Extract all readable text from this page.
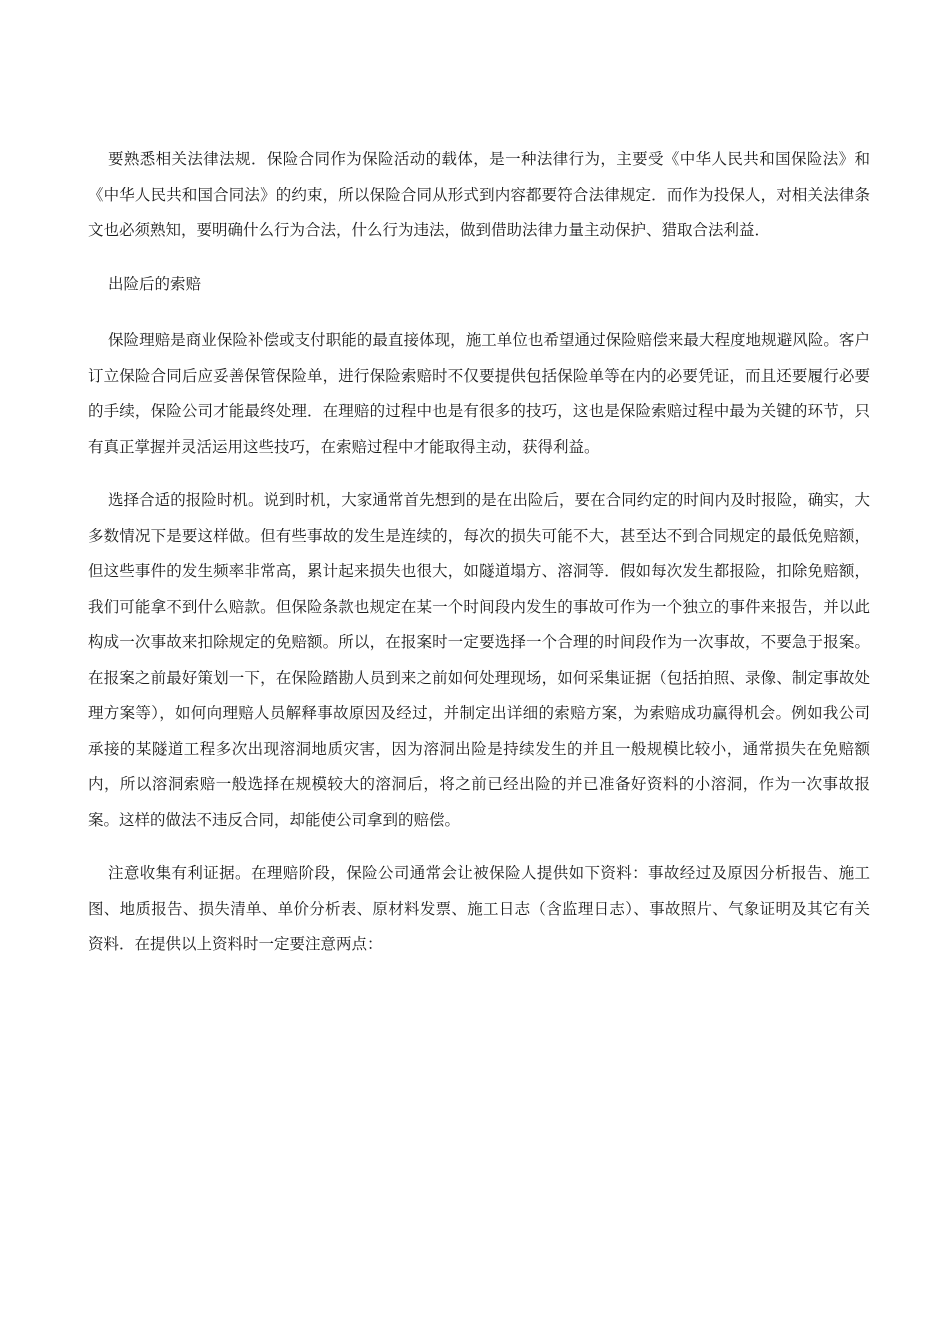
要熟悉相关法律法规．保险合同作为保险活动的载体，是一种法律行为，主要受《中华人民共和国保险法》和《中华人民共和国合同法》的约束，所以保险合同从形式到内容都要符合法律规定．而作为投保人，对相关法律条文也必须熟知，要明确什么行为合法，什么行为违法，做到借助法律力量主动保护、猎取合法利益．

出险后的索赔

保险理赔是商业保险补偿或支付职能的最直接体现，施工单位也希望通过保险赔偿来最大程度地规避风险。客户订立保险合同后应妥善保管保险单，进行保险索赔时不仅要提供包括保险单等在内的必要凭证，而且还要履行必要的手续，保险公司才能最终处理．在理赔的过程中也是有很多的技巧，这也是保险索赔过程中最为关键的环节，只有真正掌握并灵活运用这些技巧，在索赔过程中才能取得主动，获得利益。

选择合适的报险时机。说到时机，大家通常首先想到的是在出险后，要在合同约定的时间内及时报险，确实，大多数情况下是要这样做。但有些事故的发生是连续的，每次的损失可能不大，甚至达不到合同规定的最低免赔额，但这些事件的发生频率非常高，累计起来损失也很大，如隧道塌方、溶洞等．假如每次发生都报险，扣除免赔额，我们可能拿不到什么赔款。但保险条款也规定在某一个时间段内发生的事故可作为一个独立的事件来报告，并以此构成一次事故来扣除规定的免赔额。所以，在报案时一定要选择一个合理的时间段作为一次事故，不要急于报案。在报案之前最好策划一下，在保险踏勘人员到来之前如何处理现场，如何采集证据（包括拍照、录像、制定事故处理方案等），如何向理赔人员解释事故原因及经过，并制定出详细的索赔方案，为索赔成功赢得机会。例如我公司承接的某隧道工程多次出现溶洞地质灾害，因为溶洞出险是持续发生的并且一般规模比较小，通常损失在免赔额内，所以溶洞索赔一般选择在规模较大的溶洞后，将之前已经出险的并已准备好资料的小溶洞，作为一次事故报案。这样的做法不违反合同，却能使公司拿到的赔偿。

注意收集有利证据。在理赔阶段，保险公司通常会让被保险人提供如下资料：事故经过及原因分析报告、施工图、地质报告、损失清单、单价分析表、原材料发票、施工日志（含监理日志）、事故照片、气象证明及其它有关资料．在提供以上资料时一定要注意两点：
